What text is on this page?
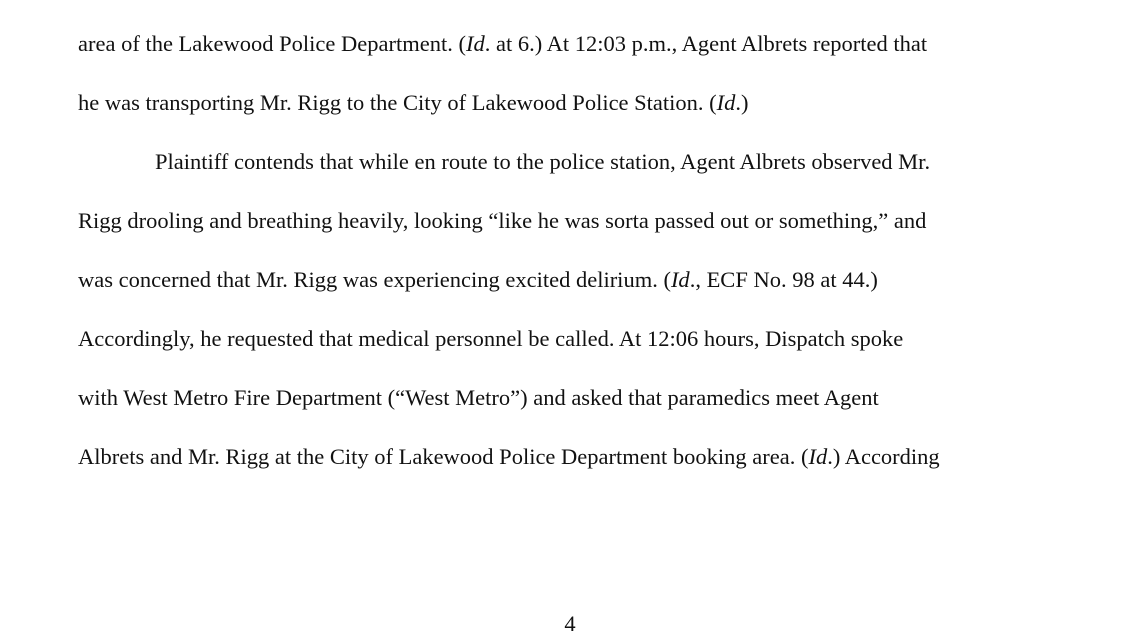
area of the Lakewood Police Department. (Id. at 6.) At 12:03 p.m., Agent Albrets reported that
he was transporting Mr. Rigg to the City of Lakewood Police Station. (Id.)
Plaintiff contends that while en route to the police station, Agent Albrets observed Mr.
Rigg drooling and breathing heavily, looking “like he was sorta passed out or something,” and
was concerned that Mr. Rigg was experiencing excited delirium. (Id., ECF No. 98 at 44.)
Accordingly, he requested that medical personnel be called. At 12:06 hours, Dispatch spoke
with West Metro Fire Department (“West Metro”) and asked that paramedics meet Agent
Albrets and Mr. Rigg at the City of Lakewood Police Department booking area. (Id.) According
4
